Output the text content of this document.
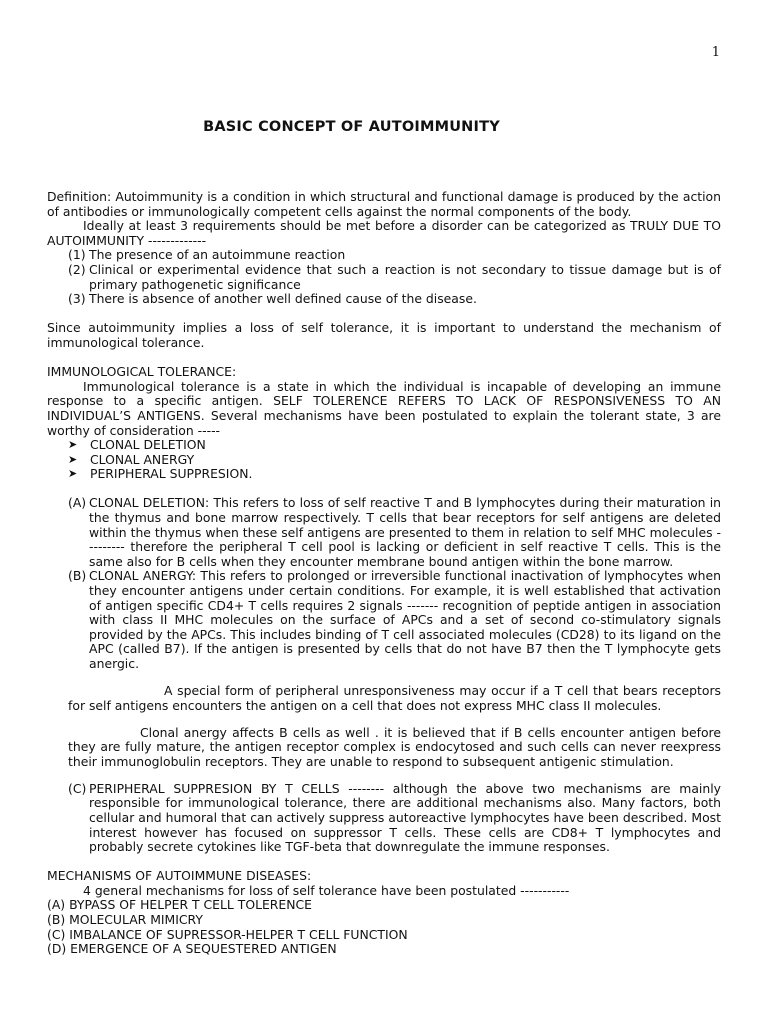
1
BASIC CONCEPT OF AUTOIMMUNITY

Definition: Autoimmunity is a condition in which structural and functional damage is produced by the action of antibodies or immunologically competent cells against the normal components of the body.

Ideally at least 3 requirements should be met before a disorder can be categorized as TRULY DUE TO AUTOIMMUNITY -------------

(1) The presence of an autoimmune reaction
(2) Clinical or experimental evidence that such a reaction is not secondary to tissue damage but is of primary pathogenetic significance
(3) There is absence of another well defined cause of the disease.

Since autoimmunity implies a loss of self tolerance, it is important to understand the mechanism of immunological tolerance.

IMMUNOLOGICAL TOLERANCE:

Immunological tolerance is a state in which the individual is incapable of developing an immune response to a specific antigen. SELF TOLERENCE REFERS TO LACK OF RESPONSIVENESS TO AN INDIVIDUAL’S ANTIGENS. Several mechanisms have been postulated to explain the tolerant state, 3 are worthy of consideration -----

➤	CLONAL DELETION
➤	CLONAL ANERGY
➤	PERIPHERAL SUPPRESION.
(A) CLONAL DELETION: This refers to loss of self reactive T and B lymphocytes during their maturation in the thymus and bone marrow respectively. T cells that bear receptors for self antigens are deleted within the thymus when these self antigens are presented to them in relation to self MHC molecules --------- therefore the peripheral T cell pool is lacking or deficient in self reactive T cells. This is the same also for B cells when they encounter membrane bound antigen within the bone marrow.
(B) CLONAL ANERGY: This refers to prolonged or irreversible functional inactivation of lymphocytes when they encounter antigens under certain conditions. For example, it is well established that activation of antigen specific CD4+ T cells requires 2 signals ------- recognition of peptide antigen in association with class II MHC molecules on the surface of APCs and a set of second co-stimulatory signals provided by the APCs. This includes binding of T cell associated molecules (CD28) to its ligand on the APC (called B7). If the antigen is presented by cells that do not have B7 then the T lymphocyte gets anergic.

A special form of peripheral unresponsiveness may occur if a T cell that bears receptors for self antigens encounters the antigen on a cell that does not express MHC class II molecules.

Clonal anergy affects B cells as well . it is believed that if B cells encounter antigen before they are fully mature, the antigen receptor complex is endocytosed and such cells can never reexpress their immunoglobulin receptors. They are unable to respond to subsequent antigenic stimulation.

(C) PERIPHERAL SUPPRESION BY T CELLS -------- although the above two mechanisms are mainly responsible for immunological tolerance, there are additional mechanisms also. Many factors, both cellular and humoral that can actively suppress autoreactive lymphocytes have been described. Most interest however has focused on suppressor T cells. These cells are CD8+ T lymphocytes and probably secrete cytokines like TGF-beta that downregulate the immune responses.

MECHANISMS OF AUTOIMMUNE DISEASES:

4 general mechanisms for loss of self tolerance have been postulated -----------

(A) BYPASS OF HELPER T CELL TOLERENCE

(B) MOLECULAR MIMICRY

(C) IMBALANCE OF SUPRESSOR-HELPER T CELL FUNCTION

(D) EMERGENCE OF A SEQUESTERED ANTIGEN
